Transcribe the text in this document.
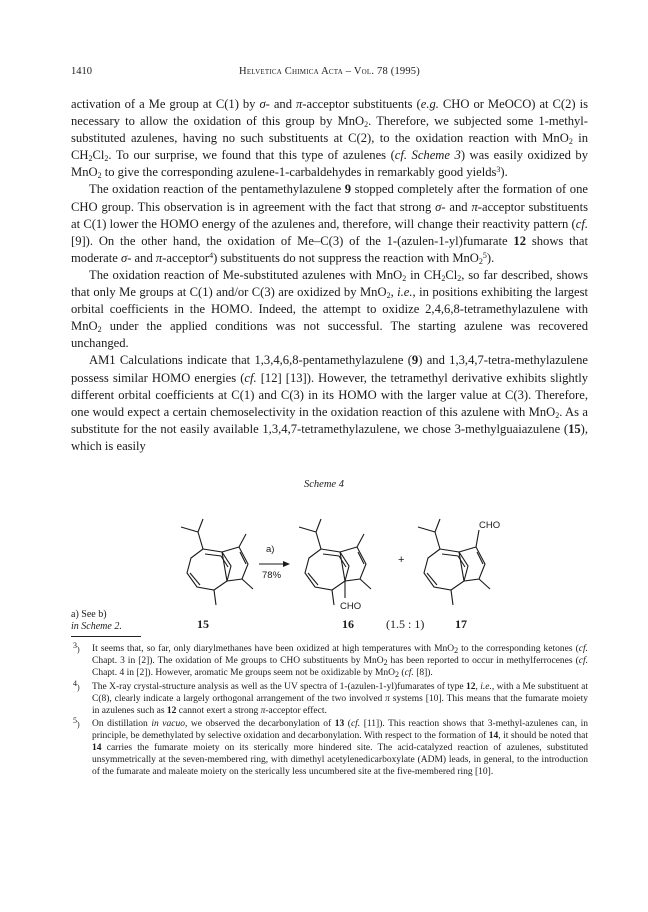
1410	Helvetica Chimica Acta – Vol. 78 (1995)

activation of a Me group at C(1) by σ- and π-acceptor substituents (e.g. CHO or MeOCO) at C(2) is necessary to allow the oxidation of this group by MnO$_2$. Therefore, we subjected some 1-methyl-substituted azulenes, having no such substituents at C(2), to the oxidation reaction with MnO$_2$ in $CH_2Cl_2$. To our surprise, we found that this type of azulenes (cf. Scheme 3) was easily oxidized by MnO$_2$ to give the corresponding azulene-1-carbaldehydes in remarkably good yields$^3$).

The oxidation reaction of the pentamethylazulene 9 stopped completely after the formation of one CHO group. This observation is in agreement with the fact that strong σ- and π-acceptor substituents at C(1) lower the HOMO energy of the azulenes and, therefore, will change their reactivity pattern (cf. [9]). On the other hand, the oxidation of Me–C(3) of the 1-(azulen-1-yl)fumarate 12 shows that moderate σ- and π-acceptor$^4$) substituents do not suppress the reaction with MnO$_2^5$).

The oxidation reaction of Me-substituted azulenes with MnO$_2$ in $CH_2Cl_2$, so far described, shows that only Me groups at C(1) and/or C(3) are oxidized by MnO$_2$, i.e., in positions exhibiting the largest orbital coefficients in the HOMO. Indeed, the attempt to oxidize 2,4,6,8-tetramethylazulene with MnO$_2$ under the applied conditions was not successful. The starting azulene was recovered unchanged.

AM1 Calculations indicate that 1,3,4,6,8-pentamethylazulene (9) and 1,3,4,7-tetra-methylazulene possess similar HOMO energies (cf. [12] [13]). However, the tetramethyl derivative exhibits slightly different orbital coefficients at C(1) and C(3) in its HOMO with the larger value at C(3). Therefore, one would expect a certain chemoselectivity in the oxidation reaction of this azulene with MnO$_2$. As a substitute for the not easily available 1,3,4,7-tetramethylazulene, we chose 3-methylguaiazulene (15), which is easily

Scheme 4
a)
78%
+
CHO
CHO
15	16	(1.5 : 1)	17
a) See b)
in Scheme 2.
$^3$) It seems that, so far, only diarylmethanes have been oxidized at high temperatures with MnO$_2$ to the corresponding ketones (cf. Chapt. 3 in [2]). The oxidation of Me groups to CHO substituents by MnO$_2$ has been reported to occur in methylferrocenes (cf. Chapt. 4 in [2]). However, aromatic Me groups seem not be oxidizable by MnO$_2$ (cf. [8]).
$^4$) The X-ray crystal-structure analysis as well as the UV spectra of 1-(azulen-1-yl)fumarates of type 12, i.e., with a Me substituent at C(8), clearly indicate a largely orthogonal arrangement of the two involved π systems [10]. This means that the fumarate moiety in azulenes such as 12 cannot exert a strong π-acceptor effect.
$^5$) On distillation in vacuo, we observed the decarbonylation of 13 (cf. [11]). This reaction shows that 3-methyl-azulenes can, in principle, be demethylated by selective oxidation and decarbonylation. With respect to the formation of 14, it should be noted that 14 carries the fumarate moiety on its sterically more hindered site. The acid-catalyzed reaction of azulenes, substituted unsymmetrically at the seven-membered ring, with dimethyl acetylenedicarboxylate (ADM) leads, in general, to the introduction of the fumarate and maleate moiety on the sterically less uncumbered site at the five-membered ring [10].
